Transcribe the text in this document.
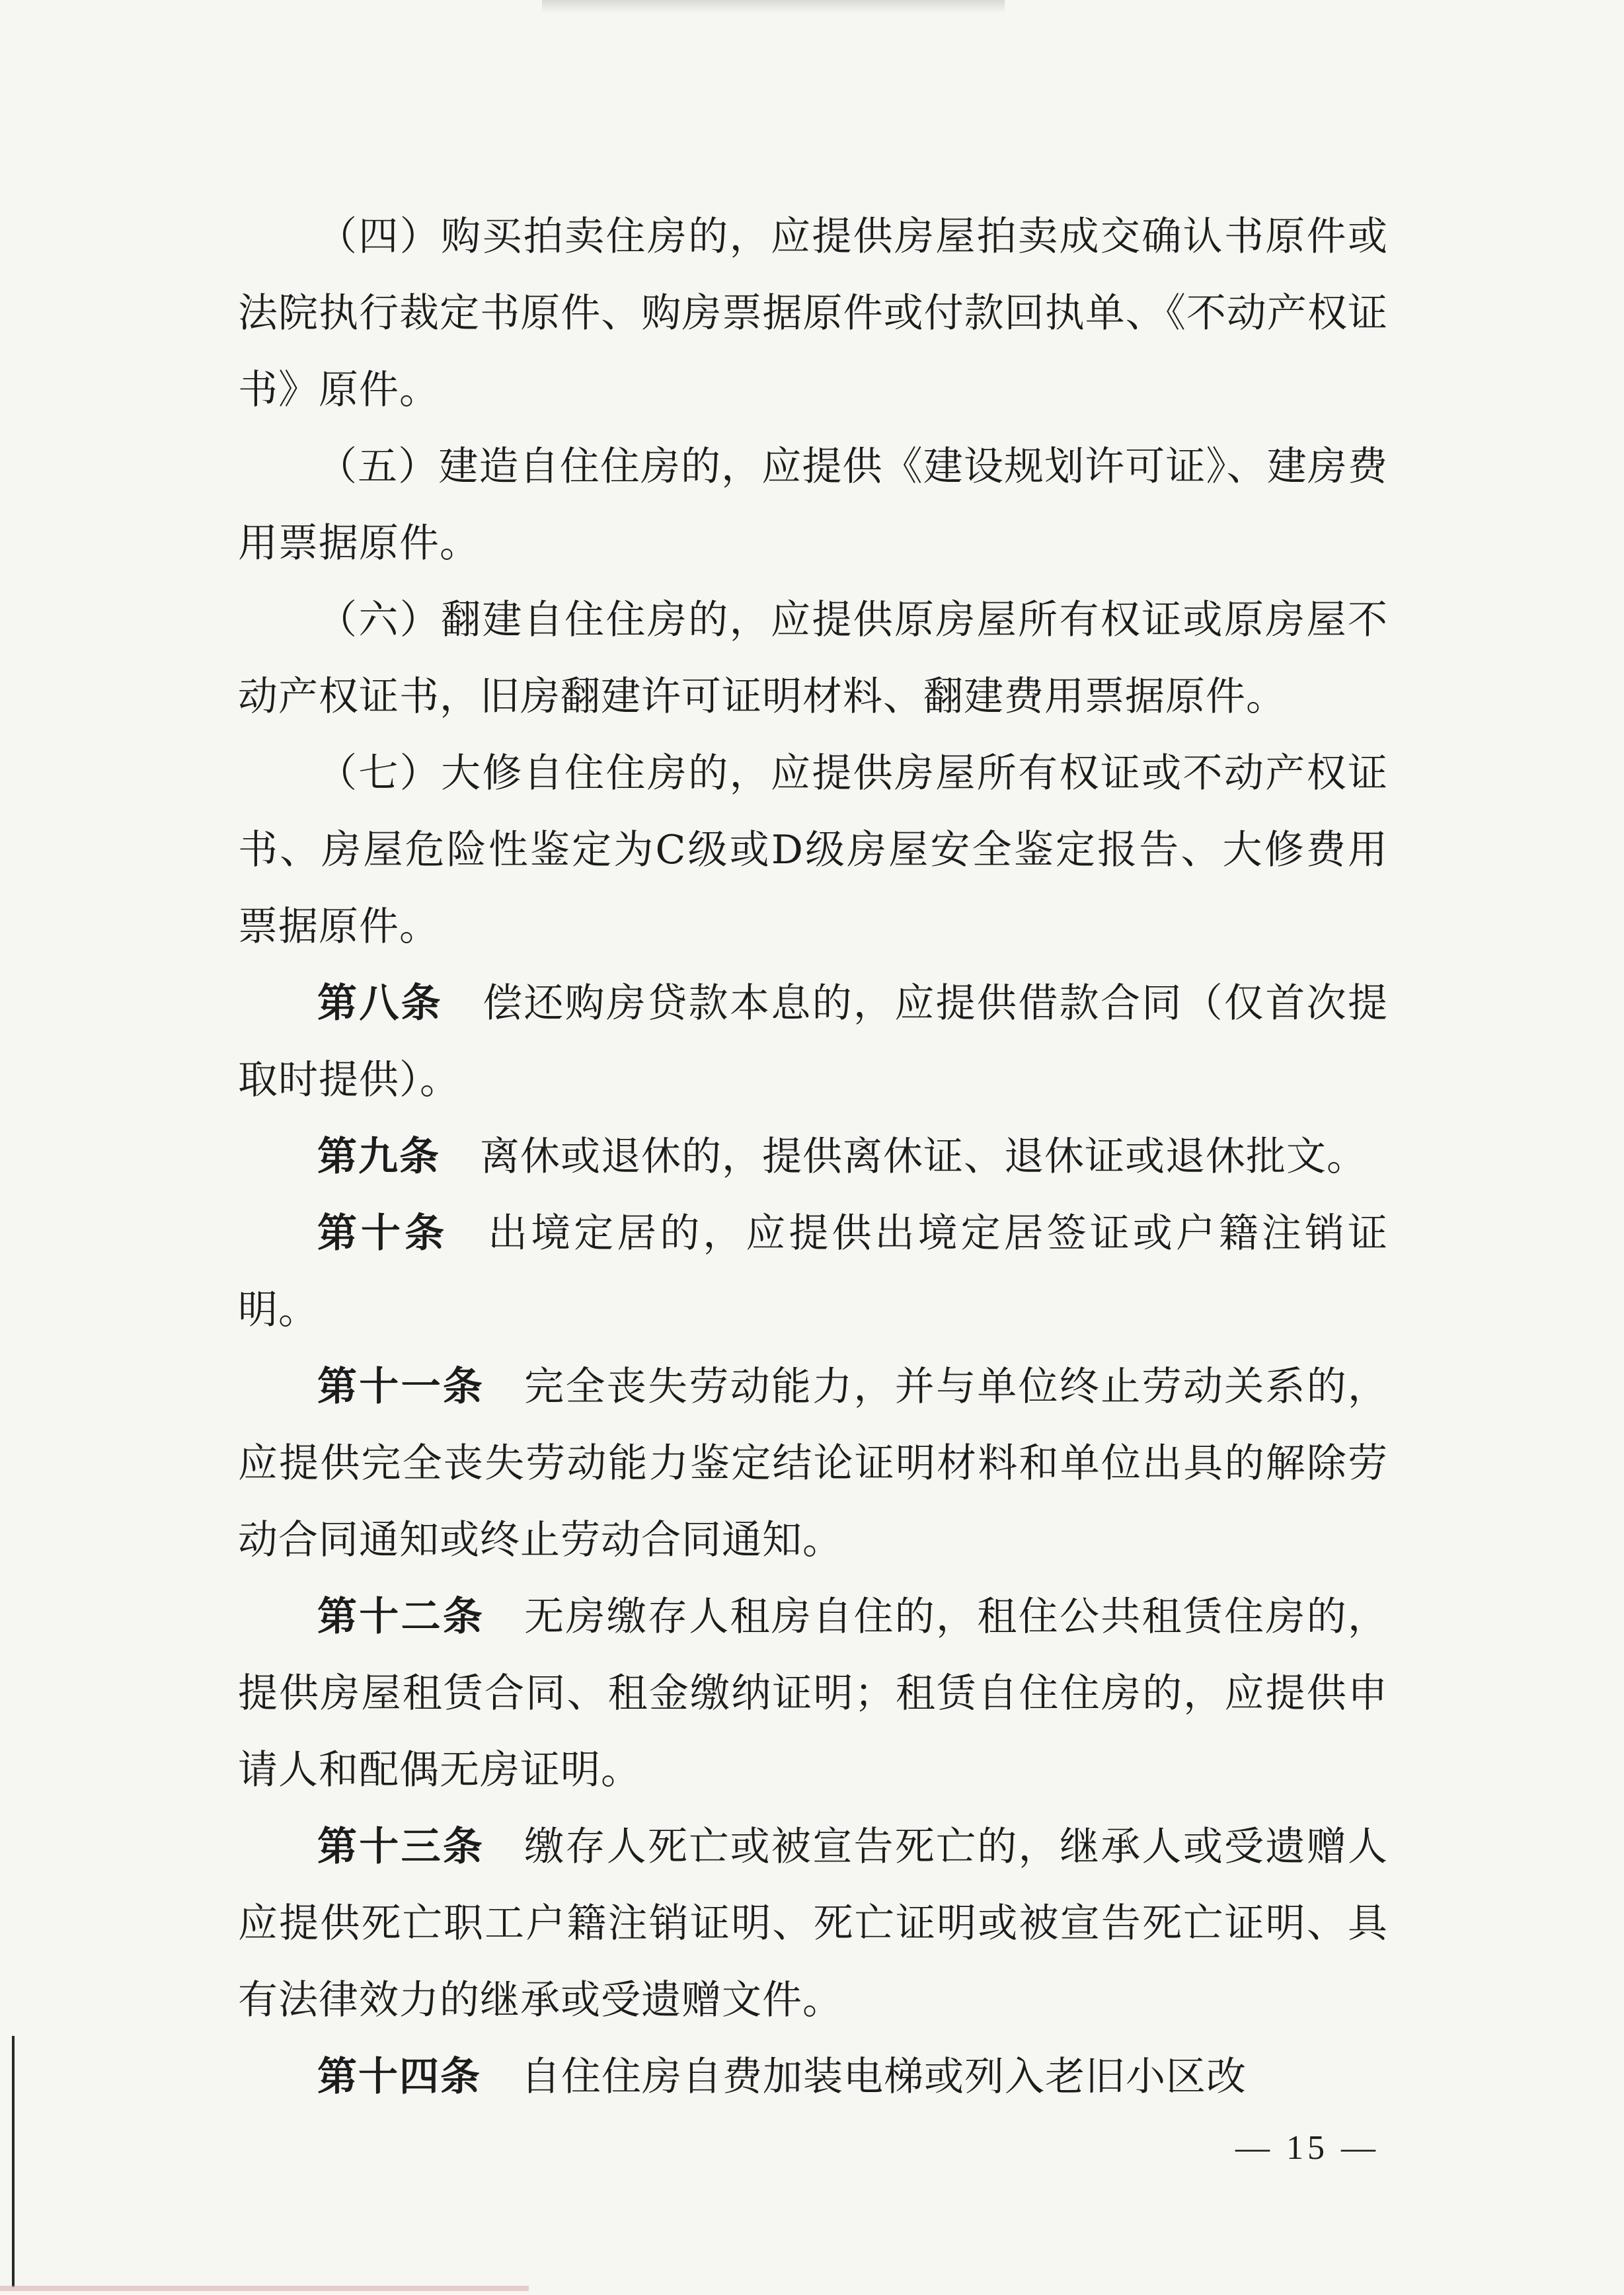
（四）购买拍卖住房的，应提供房屋拍卖成交确认书原件或法院执行裁定书原件、购房票据原件或付款回执单、《不动产权证书》原件。

（五）建造自住住房的，应提供《建设规划许可证》、建房费用票据原件。

（六）翻建自住住房的，应提供原房屋所有权证或原房屋不动产权证书，旧房翻建许可证明材料、翻建费用票据原件。

（七）大修自住住房的，应提供房屋所有权证或不动产权证书、房屋危险性鉴定为C级或D级房屋安全鉴定报告、大修费用票据原件。

第八条 偿还购房贷款本息的，应提供借款合同（仅首次提取时提供）。

第九条 离休或退休的，提供离休证、退休证或退休批文。

第十条 出境定居的，应提供出境定居签证或户籍注销证明。

第十一条 完全丧失劳动能力，并与单位终止劳动关系的，应提供完全丧失劳动能力鉴定结论证明材料和单位出具的解除劳动合同通知或终止劳动合同通知。

第十二条 无房缴存人租房自住的，租住公共租赁住房的，提供房屋租赁合同、租金缴纳证明；租赁自住住房的，应提供申请人和配偶无房证明。

第十三条 缴存人死亡或被宣告死亡的，继承人或受遗赠人应提供死亡职工户籍注销证明、死亡证明或被宣告死亡证明、具有法律效力的继承或受遗赠文件。

第十四条 自住住房自费加装电梯或列入老旧小区改

— 15 —
